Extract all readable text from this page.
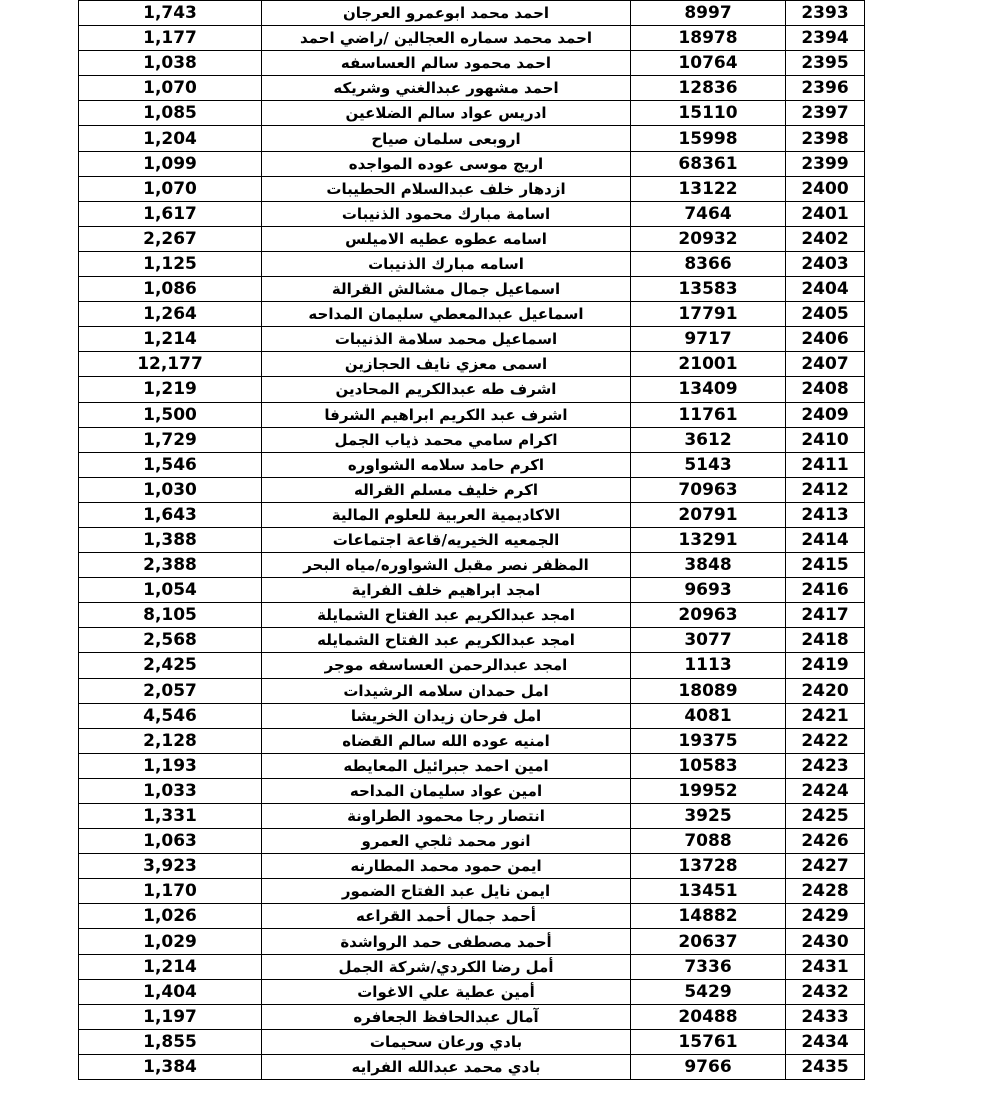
1,743	احمد محمد ابوعمرو العرجان	8997	2393
1,177	احمد محمد سماره العجالين /راضي احمد	18978	2394
1,038	احمد محمود سالم العساسفه	10764	2395
1,070	احمد مشهور عبدالغني وشريكه	12836	2396
1,085	ادريس عواد سالم الضلاعين	15110	2397
1,204	اروبعى سلمان صياح	15998	2398
1,099	اريج موسى عوده المواجده	68361	2399
1,070	ازدهار خلف عبدالسلام الحطيبات	13122	2400
1,617	اسامة مبارك محمود الذنيبات	7464	2401
2,267	اسامه عطوه عطيه الاميلس	20932	2402
1,125	اسامه مبارك الذنيبات	8366	2403
1,086	اسماعيل جمال مشالش القرالة	13583	2404
1,264	اسماعيل عبدالمعطي سليمان المداحه	17791	2405
1,214	اسماعيل محمد سلامة الذنيبات	9717	2406
12,177	اسمى معزي نايف الحجازين	21001	2407
1,219	اشرف طه عبدالكريم المحادين	13409	2408
1,500	اشرف عبد الكريم ابراهيم الشرفا	11761	2409
1,729	اكرام سامي محمد ذياب الجمل	3612	2410
1,546	اكرم حامد سلامه الشواوره	5143	2411
1,030	اكرم خليف مسلم القراله	70963	2412
1,643	الاكاديمية العربية للعلوم المالية	20791	2413
1,388	الجمعيه الخيريه/قاعة اجتماعات	13291	2414
2,388	المظفر نصر مقبل الشواوره/مياه البحر	3848	2415
1,054	امجد ابراهيم خلف الفراية	9693	2416
8,105	امجد عبدالكريم عبد الفتاح الشمايلة	20963	2417
2,568	امجد عبدالكريم عبد الفتاح الشمايله	3077	2418
2,425	امجد عبدالرحمن العساسفه موجر	1113	2419
2,057	امل حمدان سلامه الرشيدات	18089	2420
4,546	امل فرحان زيدان الخريشا	4081	2421
2,128	امنيه عوده الله سالم القضاه	19375	2422
1,193	امين احمد جبرائيل المعايطه	10583	2423
1,033	امين عواد سليمان المداحه	19952	2424
1,331	انتصار رجا محمود الطراونة	3925	2425
1,063	انور محمد ثلجي العمرو	7088	2426
3,923	ايمن حمود محمد المطارنه	13728	2427
1,170	ايمن نايل عبد الفتاح الضمور	13451	2428
1,026	أحمد جمال أحمد القراعه	14882	2429
1,029	أحمد مصطفى حمد الرواشدة	20637	2430
1,214	أمل رضا الكردي/شركة الجمل	7336	2431
1,404	أمين عطية علي الاغوات	5429	2432
1,197	آمال عبدالحافظ الجعافره	20488	2433
1,855	بادي ورعان سحيمات	15761	2434
1,384	بادي محمد عبدالله الفرايه	9766	2435
